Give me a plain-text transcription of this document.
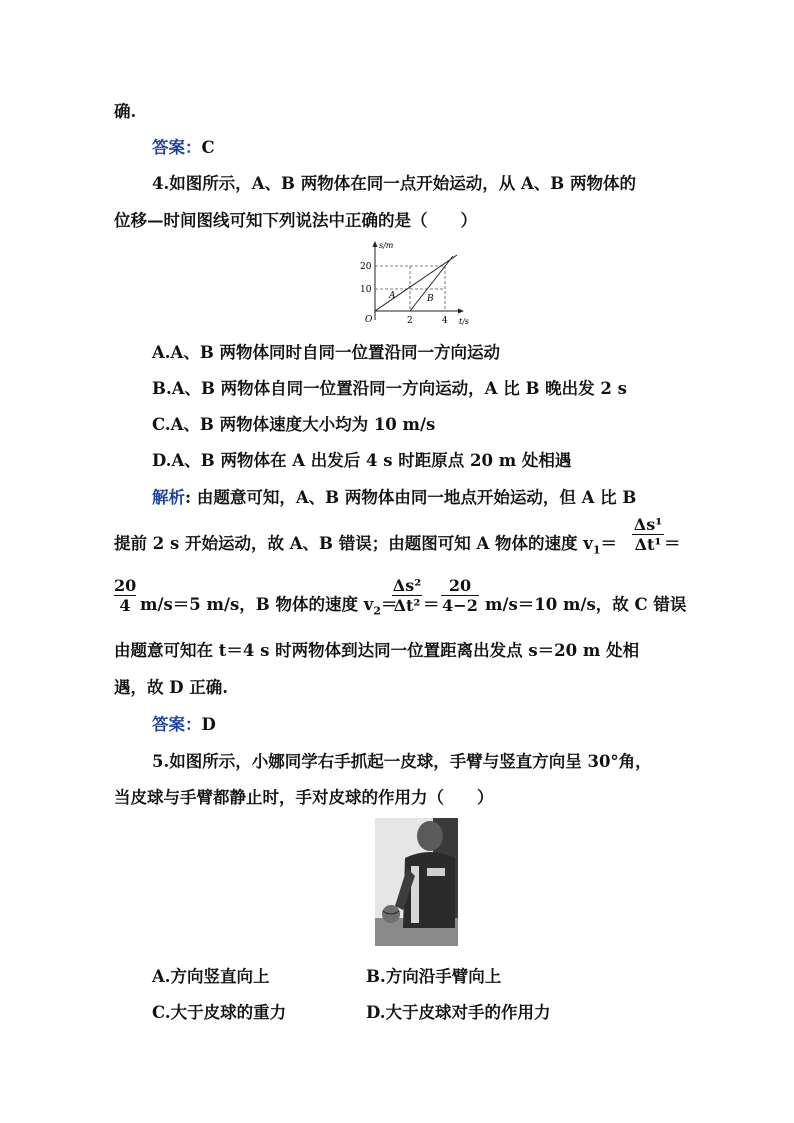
确.
答案：C
4.如图所示，A、B 两物体在同一点开始运动，从 A、B 两物体的
位移—时间图线可知下列说法中正确的是（　　）
s/m
t/s
20
10
2	4
O
A	B
A.A、B 两物体同时自同一位置沿同一方向运动
B.A、B 两物体自同一位置沿同一方向运动，A 比 B 晚出发 2 s
C.A、B 两物体速度大小均为 10 m/s
D.A、B 两物体在 A 出发后 4 s 时距原点 20 m 处相遇
解析: 由题意可知，A、B 两物体由同一地点开始运动，但 A 比 B
提前 2 s 开始运动，故 A、B 错误；由题图可知 A 物体的速度 $v_1= \frac{\text{Δs¹}}{\text{Δt¹}}$ ＝
$\frac{20}{4} m/s=5$ m/s，B 物体的速度 $v_2=$
$\frac{\text{Δs²}}{\text{Δt²}} = \frac{20}{4-2} m/s=10$ m/s，故 C 错误
由题意可知在 t＝4 s 时两物体到达同一位置距离出发点 s＝20 m 处相
遇，故 D 正确.
答案：D
5.如图所示，小娜同学右手抓起一皮球，手臂与竖直方向呈 30°角，
当皮球与手臂都静止时，手对皮球的作用力（　　）
A.方向竖直向上	B.方向沿手臂向上
C.大于皮球的重力	D.大于皮球对手的作用力
